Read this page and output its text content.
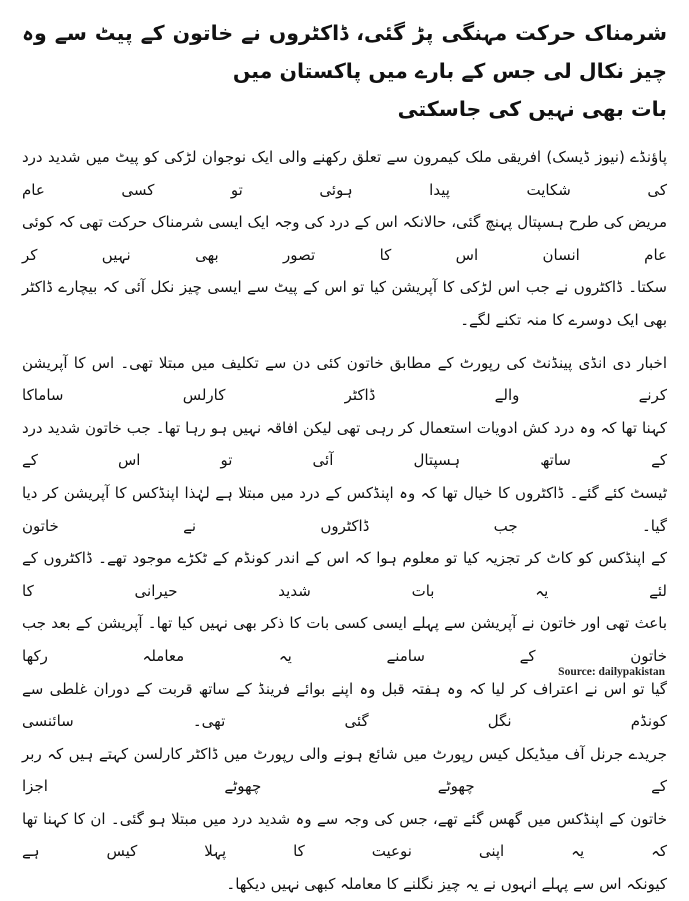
شرمناک حرکت مہنگی پڑ گئی، ڈاکٹروں نے خاتون کے پیٹ سے وہ چیز نکال لی جس کے بارے میں پاکستان میں
بات بھی نہیں کی جاسکتی

پاؤنڈے (نیوز ڈیسک) افریقی ملک کیمرون سے تعلق رکھنے والی ایک نوجوان لڑکی کو پیٹ میں شدید درد کی شکایت پیدا ہوئی تو کسی عام
مریض کی طرح ہسپتال پہنچ گئی، حالانکہ اس کے درد کی وجہ ایک ایسی شرمناک حرکت تھی کہ کوئی عام انسان اس کا تصور بھی نہیں کر
سکتا۔ ڈاکٹروں نے جب اس لڑکی کا آپریشن کیا تو اس کے پیٹ سے ایسی چیز نکل آئی کہ بیچارے ڈاکٹر بھی ایک دوسرے کا منہ تکنے لگے۔

اخبار دی انڈی پینڈنٹ کی رپورٹ کے مطابق خاتون کئی دن سے تکلیف میں مبتلا تھی۔ اس کا آپریشن کرنے والے ڈاکٹر کارلس ساماکا
کہنا تھا کہ وہ درد کش ادویات استعمال کر رہی تھی لیکن افاقہ نہیں ہو رہا تھا۔ جب خاتون شدید درد کے ساتھ ہسپتال آئی تو اس کے
ٹیسٹ کئے گئے۔ ڈاکٹروں کا خیال تھا کہ وہ اپنڈکس کے درد میں مبتلا ہے لہٰذا اپنڈکس کا آپریشن کر دیا گیا۔ جب ڈاکٹروں نے خاتون
کے اپنڈکس کو کاٹ کر تجزیہ کیا تو معلوم ہوا کہ اس کے اندر کونڈم کے ٹکڑے موجود تھے۔ ڈاکٹروں کے لئے یہ بات شدید حیرانی کا
باعث تھی اور خاتون نے آپریشن سے پہلے ایسی کسی بات کا ذکر بھی نہیں کیا تھا۔ آپریشن کے بعد جب خاتون کے سامنے یہ معاملہ رکھا
گیا تو اس نے اعتراف کر لیا کہ وہ ہفتہ قبل وہ اپنے بوائے فرینڈ کے ساتھ قربت کے دوران غلطی سے کونڈم نگل گئی تھی۔ سائنسی
جریدے جرنل آف میڈیکل کیس رپورٹ میں شائع ہونے والی رپورٹ میں ڈاکٹر کارلسن کہتے ہیں کہ ربر کے چھوٹے چھوٹے اجزا
خاتون کے اپنڈکس میں گھس گئے تھے، جس کی وجہ سے وہ شدید درد میں مبتلا ہو گئی۔ ان کا کہنا تھا کہ یہ اپنی نوعیت کا پہلا کیس ہے
کیونکہ اس سے پہلے انہوں نے یہ چیز نگلنے کا معاملہ کبھی نہیں دیکھا۔

Source: dailypakistan
